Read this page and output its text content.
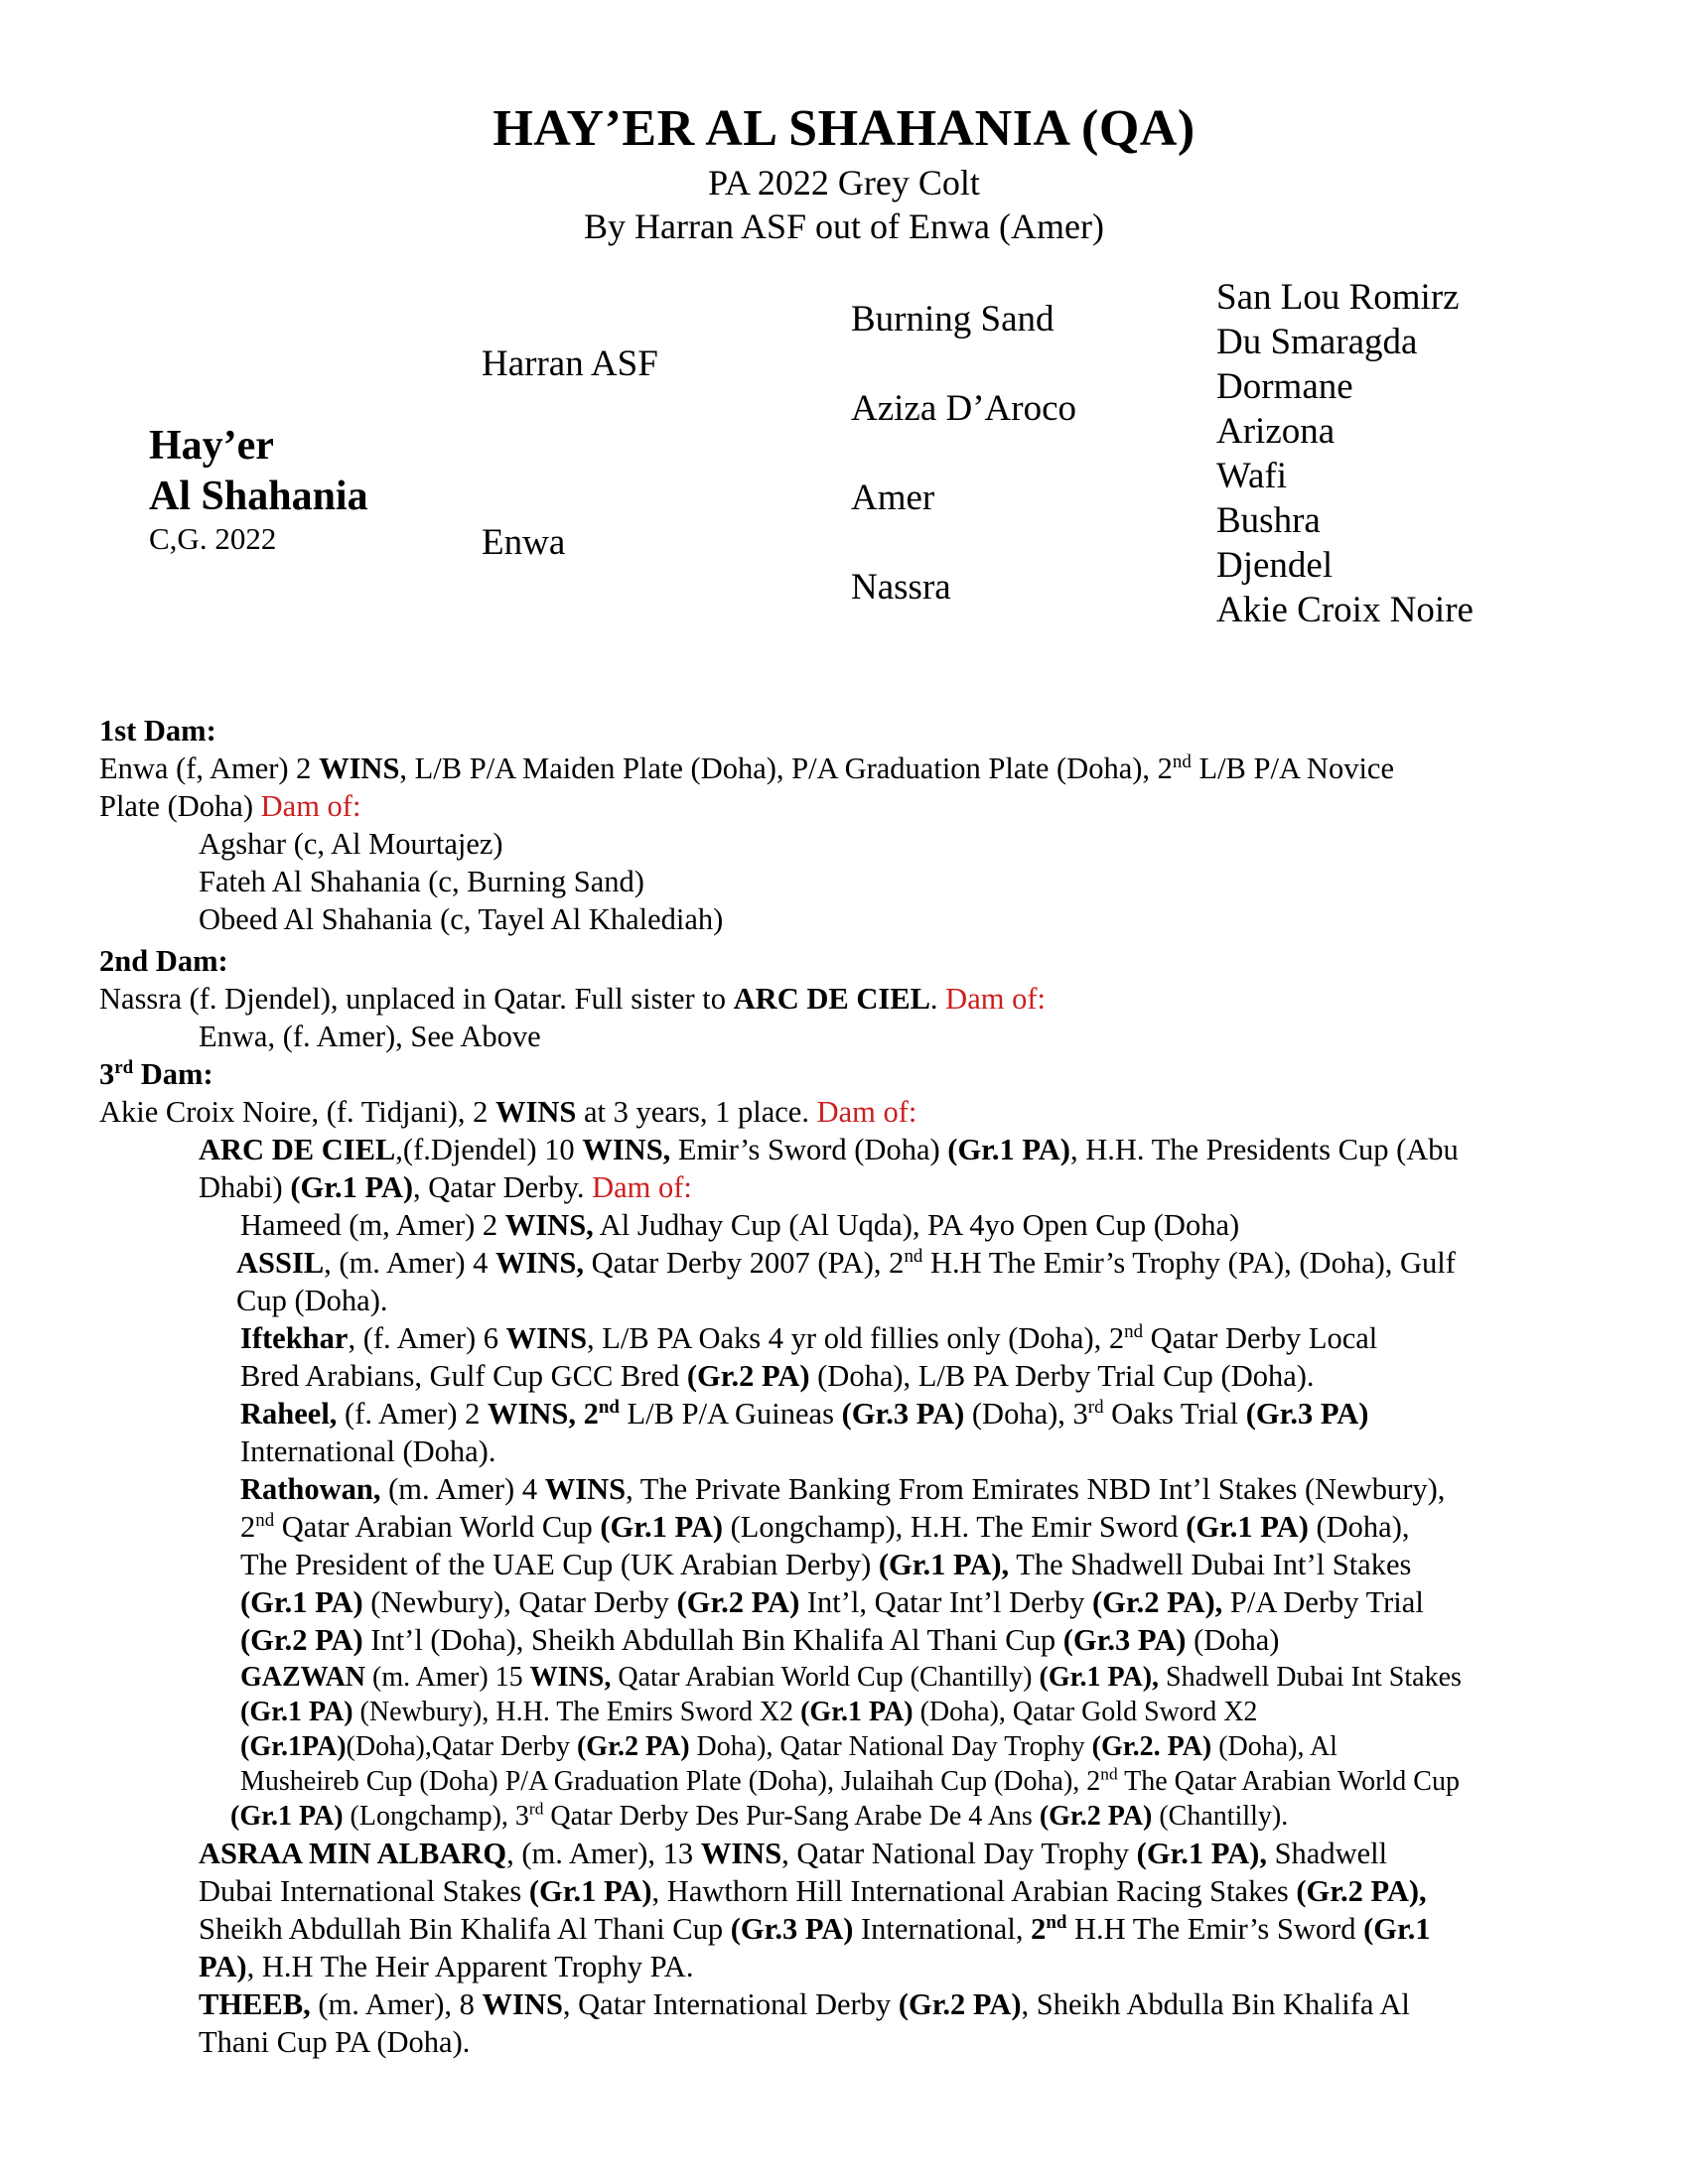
HAY’ER AL SHAHANIA (QA)
PA 2022 Grey Colt
By Harran ASF out of Enwa (Amer)
Hay’er
Al Shahania
C,G. 2022
Harran ASF
Enwa
Burning Sand
Aziza D’Aroco
Amer
Nassra
San Lou Romirz
Du Smaragda
Dormane
Arizona
Wafi
Bushra
Djendel
Akie Croix Noire
1st Dam:
Enwa (f, Amer) 2 WINS, L/B P/A Maiden Plate (Doha), P/A Graduation Plate (Doha), 2nd L/B P/A Novice
Plate (Doha) Dam of:
Agshar (c, Al Mourtajez)
Fateh Al Shahania (c, Burning Sand)
Obeed Al Shahania (c, Tayel Al Khalediah)
2nd Dam:
Nassra (f. Djendel), unplaced in Qatar. Full sister to ARC DE CIEL. Dam of:
Enwa, (f. Amer), See Above
3rd Dam:
Akie Croix Noire, (f. Tidjani), 2 WINS at 3 years, 1 place. Dam of:
ARC DE CIEL,(f.Djendel) 10 WINS, Emir’s Sword (Doha) (Gr.1 PA), H.H. The Presidents Cup (Abu
Dhabi) (Gr.1 PA), Qatar Derby. Dam of:
Hameed (m, Amer) 2 WINS, Al Judhay Cup (Al Uqda), PA 4yo Open Cup (Doha)
ASSIL, (m. Amer) 4 WINS, Qatar Derby 2007 (PA), 2nd H.H The Emir’s Trophy (PA), (Doha), Gulf
Cup (Doha).
Iftekhar, (f. Amer) 6 WINS, L/B PA Oaks 4 yr old fillies only (Doha), 2nd Qatar Derby Local
Bred Arabians, Gulf Cup GCC Bred (Gr.2 PA) (Doha), L/B PA Derby Trial Cup (Doha).
Raheel, (f. Amer) 2 WINS, 2nd L/B P/A Guineas (Gr.3 PA) (Doha), 3rd Oaks Trial (Gr.3 PA)
International (Doha).
Rathowan, (m. Amer) 4 WINS, The Private Banking From Emirates NBD Int’l Stakes (Newbury),
2nd Qatar Arabian World Cup (Gr.1 PA) (Longchamp), H.H. The Emir Sword (Gr.1 PA) (Doha),
The President of the UAE Cup (UK Arabian Derby) (Gr.1 PA), The Shadwell Dubai Int’l Stakes
(Gr.1 PA) (Newbury), Qatar Derby (Gr.2 PA) Int’l, Qatar Int’l Derby (Gr.2 PA), P/A Derby Trial
(Gr.2 PA) Int’l (Doha), Sheikh Abdullah Bin Khalifa Al Thani Cup (Gr.3 PA) (Doha)
GAZWAN (m. Amer) 15 WINS, Qatar Arabian World Cup (Chantilly) (Gr.1 PA), Shadwell Dubai Int Stakes
(Gr.1 PA) (Newbury), H.H. The Emirs Sword X2 (Gr.1 PA) (Doha), Qatar Gold Sword X2
(Gr.1PA)(Doha),Qatar Derby (Gr.2 PA) Doha), Qatar National Day Trophy (Gr.2. PA) (Doha), Al
Musheireb Cup (Doha) P/A Graduation Plate (Doha), Julaihah Cup (Doha), 2nd The Qatar Arabian World Cup
(Gr.1 PA) (Longchamp), 3rd Qatar Derby Des Pur-Sang Arabe De 4 Ans (Gr.2 PA) (Chantilly).
ASRAA MIN ALBARQ, (m. Amer), 13 WINS, Qatar National Day Trophy (Gr.1 PA), Shadwell
Dubai International Stakes (Gr.1 PA), Hawthorn Hill International Arabian Racing Stakes (Gr.2 PA),
Sheikh Abdullah Bin Khalifa Al Thani Cup (Gr.3 PA) International, 2nd H.H The Emir’s Sword (Gr.1
PA), H.H The Heir Apparent Trophy PA.
THEEB, (m. Amer), 8 WINS, Qatar International Derby (Gr.2 PA), Sheikh Abdulla Bin Khalifa Al
Thani Cup PA (Doha).
